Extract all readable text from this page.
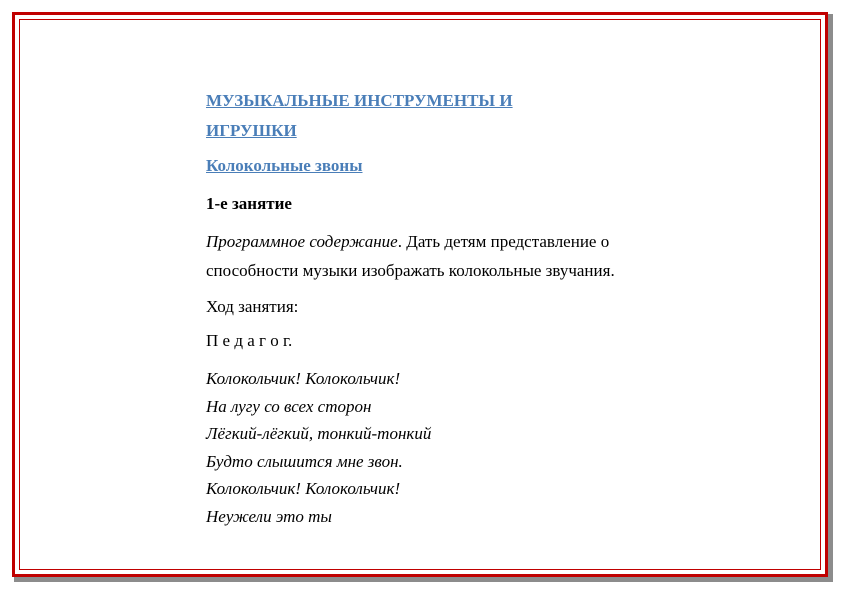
МУЗЫКАЛЬНЫЕ ИНСТРУМЕНТЫ И
ИГРУШКИ

Колокольные звоны

1-е занятие

Программное содержание. Дать детям представление о
способности музыки изображать колокольные звучания.

Ход занятия:

П е д а г о г.

Колокольчик! Колокольчик!
На лугу со всех сторон
Лёгкий-лёгкий, тонкий-тонкий
Будто слышится мне звон.
Колокольчик! Колокольчик!
Неужели это ты
